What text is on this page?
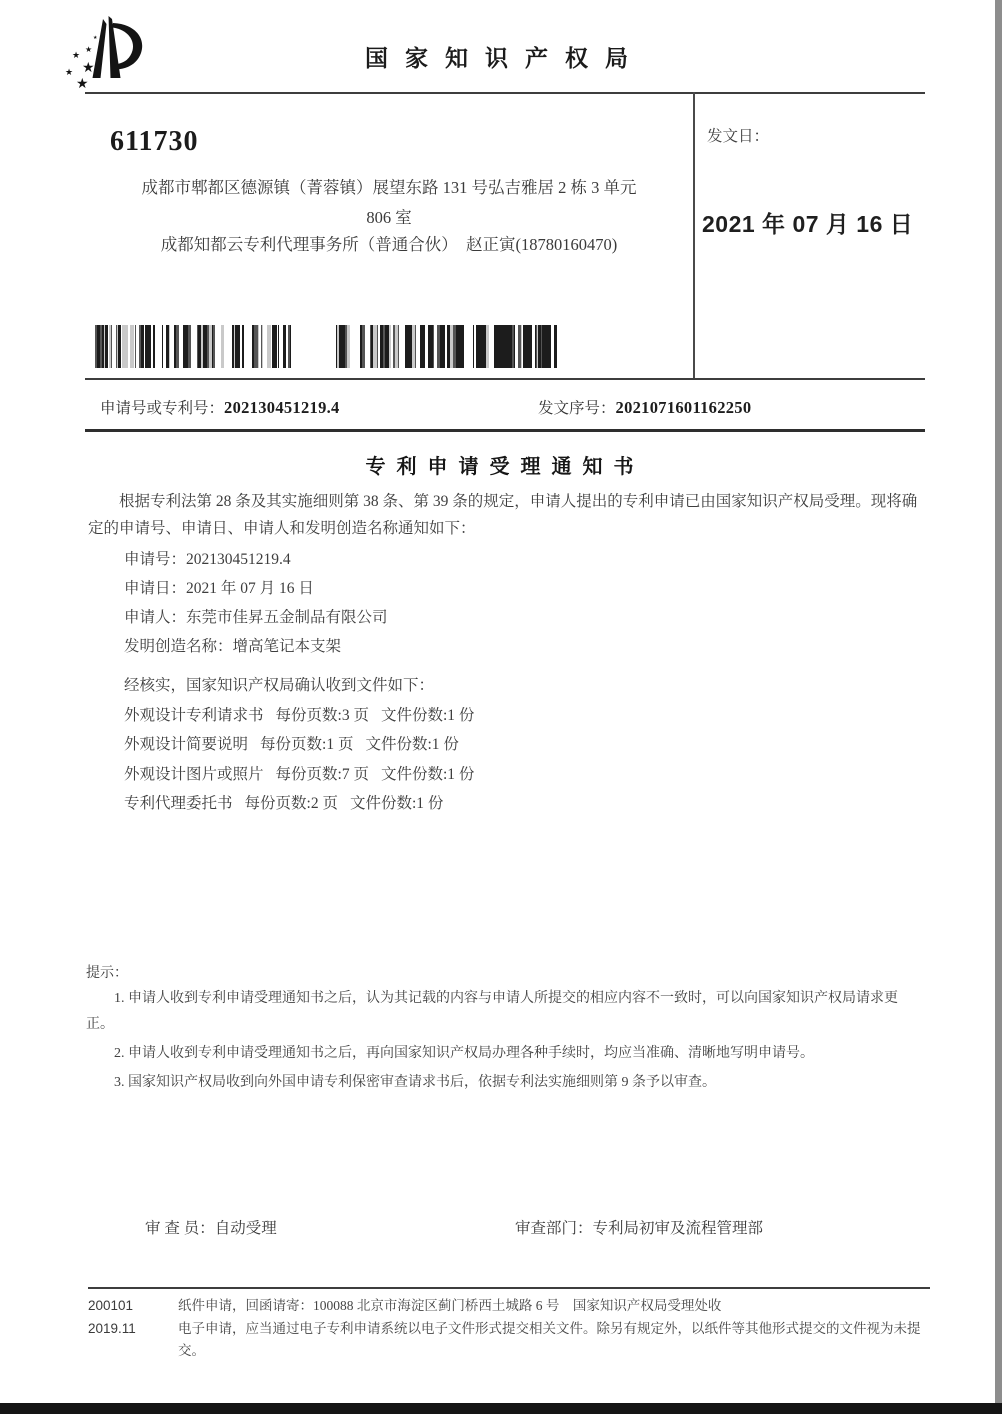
★
★ ★
★
★
★
国家知识产权局
611730
成都市郫都区德源镇（菁蓉镇）展望东路 131 号弘吉雅居 2 栋 3 单元
806 室
成都知都云专利代理事务所（普通合伙）　赵正寅(18780160470)
发文日：
2021 年 07 月 16 日
申请号或专利号：202130451219.4	发文序号：2021071601162250
专利申请受理通知书

根据专利法第 28 条及其实施细则第 38 条、第 39 条的规定，申请人提出的专利申请已由国家知识产权局受理。现将确定的申请号、申请日、申请人和发明创造名称通知如下：

申请号：202130451219.4

申请日：2021 年 07 月 16 日

申请人：东莞市佳昇五金制品有限公司

发明创造名称：增高笔记本支架

经核实，国家知识产权局确认收到文件如下：

外观设计专利请求书 每份页数:3 页 文件份数:1 份

外观设计简要说明 每份页数:1 页 文件份数:1 份

外观设计图片或照片 每份页数:7 页 文件份数:1 份

专利代理委托书 每份页数:2 页 文件份数:1 份

提示：

1. 申请人收到专利申请受理通知书之后，认为其记载的内容与申请人所提交的相应内容不一致时，可以向国家知识产权局请求更正。

2. 申请人收到专利申请受理通知书之后，再向国家知识产权局办理各种手续时，均应当准确、清晰地写明申请号。

3. 国家知识产权局收到向外国申请专利保密审查请求书后，依据专利法实施细则第 9 条予以审查。

审 查 员：自动受理	审查部门：专利局初审及流程管理部
200101
2019.11

纸件申请，回函请寄：100088 北京市海淀区蓟门桥西土城路 6 号　国家知识产权局受理处收

电子申请，应当通过电子专利申请系统以电子文件形式提交相关文件。除另有规定外，以纸件等其他形式提交的文件视为未提交。
